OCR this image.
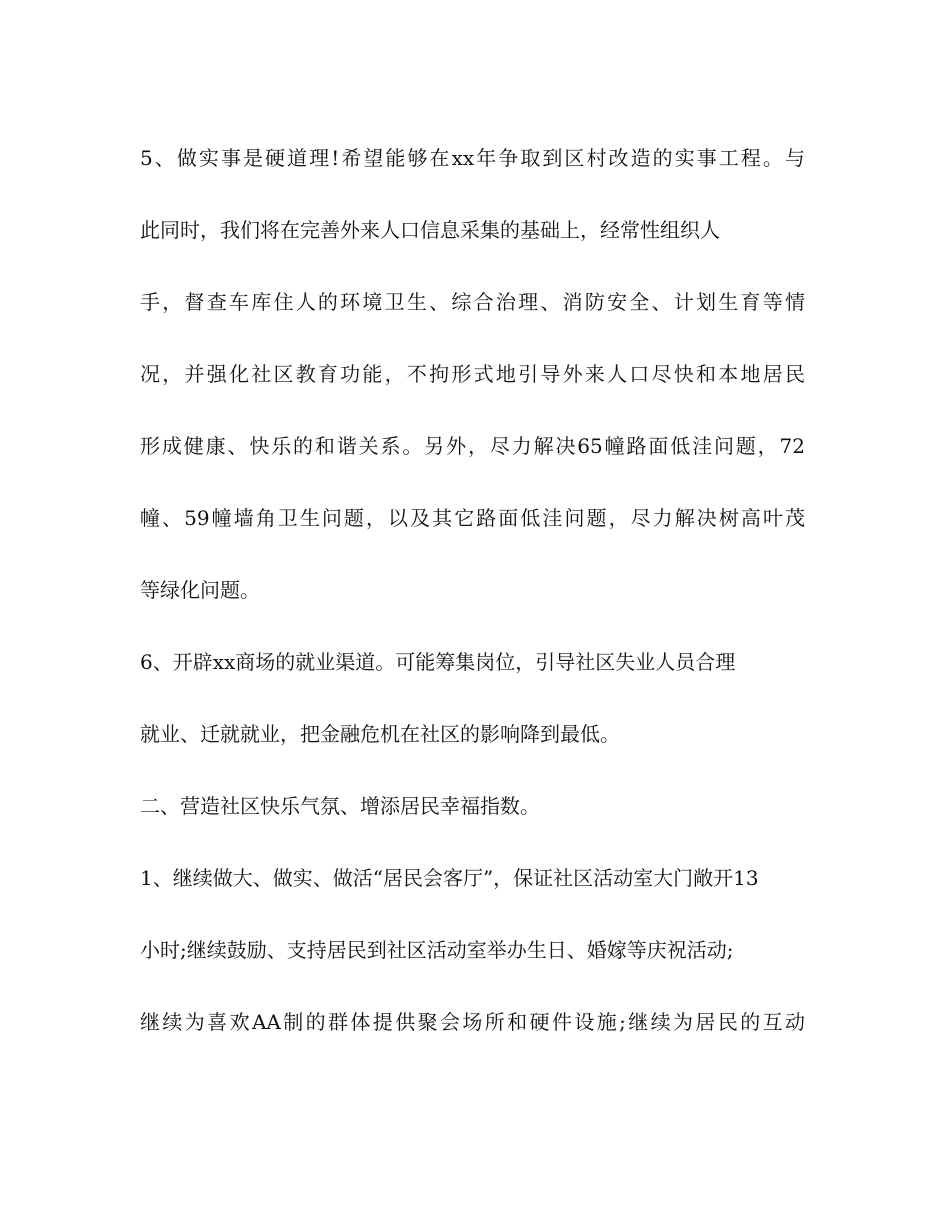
5、做实事是硬道理!希望能够在xx年争取到区村改造的实事工程。与
此同时，我们将在完善外来人口信息采集的基础上，经常性组织人
手，督查车库住人的环境卫生、综合治理、消防安全、计划生育等情
况，并强化社区教育功能，不拘形式地引导外来人口尽快和本地居民
形成健康、快乐的和谐关系。另外，尽力解决65幢路面低洼问题，72
幢、59幢墙角卫生问题，以及其它路面低洼问题，尽力解决树高叶茂
等绿化问题。
6、开辟xx商场的就业渠道。可能筹集岗位，引导社区失业人员合理
就业、迁就就业，把金融危机在社区的影响降到最低。
二、营造社区快乐气氛、增添居民幸福指数。
1、继续做大、做实、做活“居民会客厅”，保证社区活动室大门敞开13
小时;继续鼓励、支持居民到社区活动室举办生日、婚嫁等庆祝活动;
继续为喜欢AA制的群体提供聚会场所和硬件设施;继续为居民的互动
